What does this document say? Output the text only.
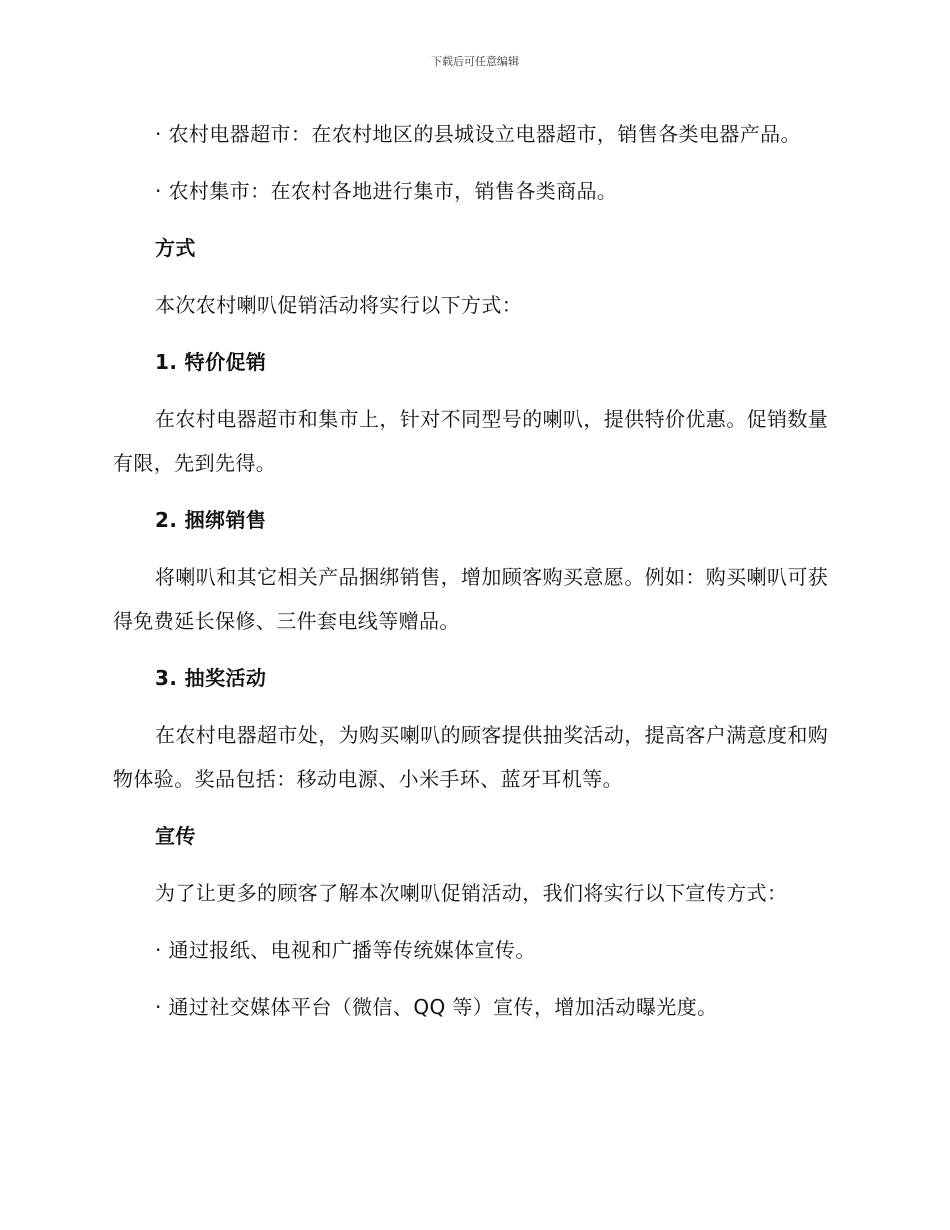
下载后可任意编辑

· 农村电器超市：在农村地区的县城设立电器超市，销售各类电器产品。

· 农村集市：在农村各地进行集市，销售各类商品。

方式

本次农村喇叭促销活动将实行以下方式：

1. 特价促销

在农村电器超市和集市上，针对不同型号的喇叭，提供特价优惠。促销数量有限，先到先得。

2. 捆绑销售

将喇叭和其它相关产品捆绑销售，增加顾客购买意愿。例如：购买喇叭可获得免费延长保修、三件套电线等赠品。

3. 抽奖活动

在农村电器超市处，为购买喇叭的顾客提供抽奖活动，提高客户满意度和购物体验。奖品包括：移动电源、小米手环、蓝牙耳机等。

宣传

为了让更多的顾客了解本次喇叭促销活动，我们将实行以下宣传方式：

· 通过报纸、电视和广播等传统媒体宣传。

· 通过社交媒体平台（微信、QQ 等）宣传，增加活动曝光度。
